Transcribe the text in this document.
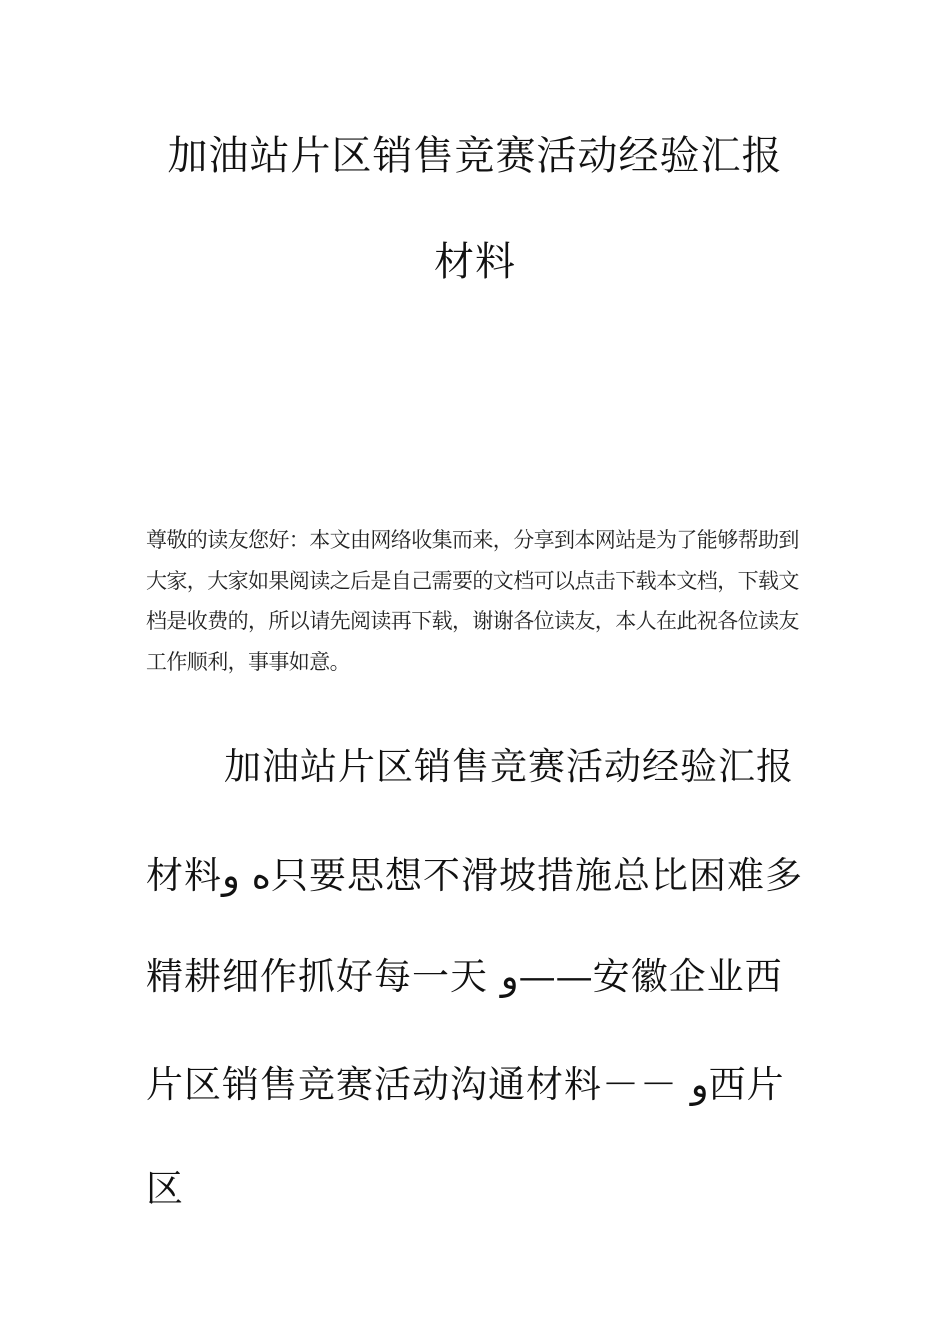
加油站片区销售竞赛活动经验汇报
材料

尊敬的读友您好：本文由网络收集而来，分享到本网站是为了能够帮助到大家，大家如果阅读之后是自己需要的文档可以点击下载本文档，下载文档是收费的，所以请先阅读再下载，谢谢各位读友，本人在此祝各位读友工作顺利，事事如意。

加油站片区销售竞赛活动经验汇报

材料ه و只要思想不滑坡措施总比困难多

精耕细作抓好每一天 و——安徽企业西

片区销售竞赛活动沟通材料－－ و西片

区
